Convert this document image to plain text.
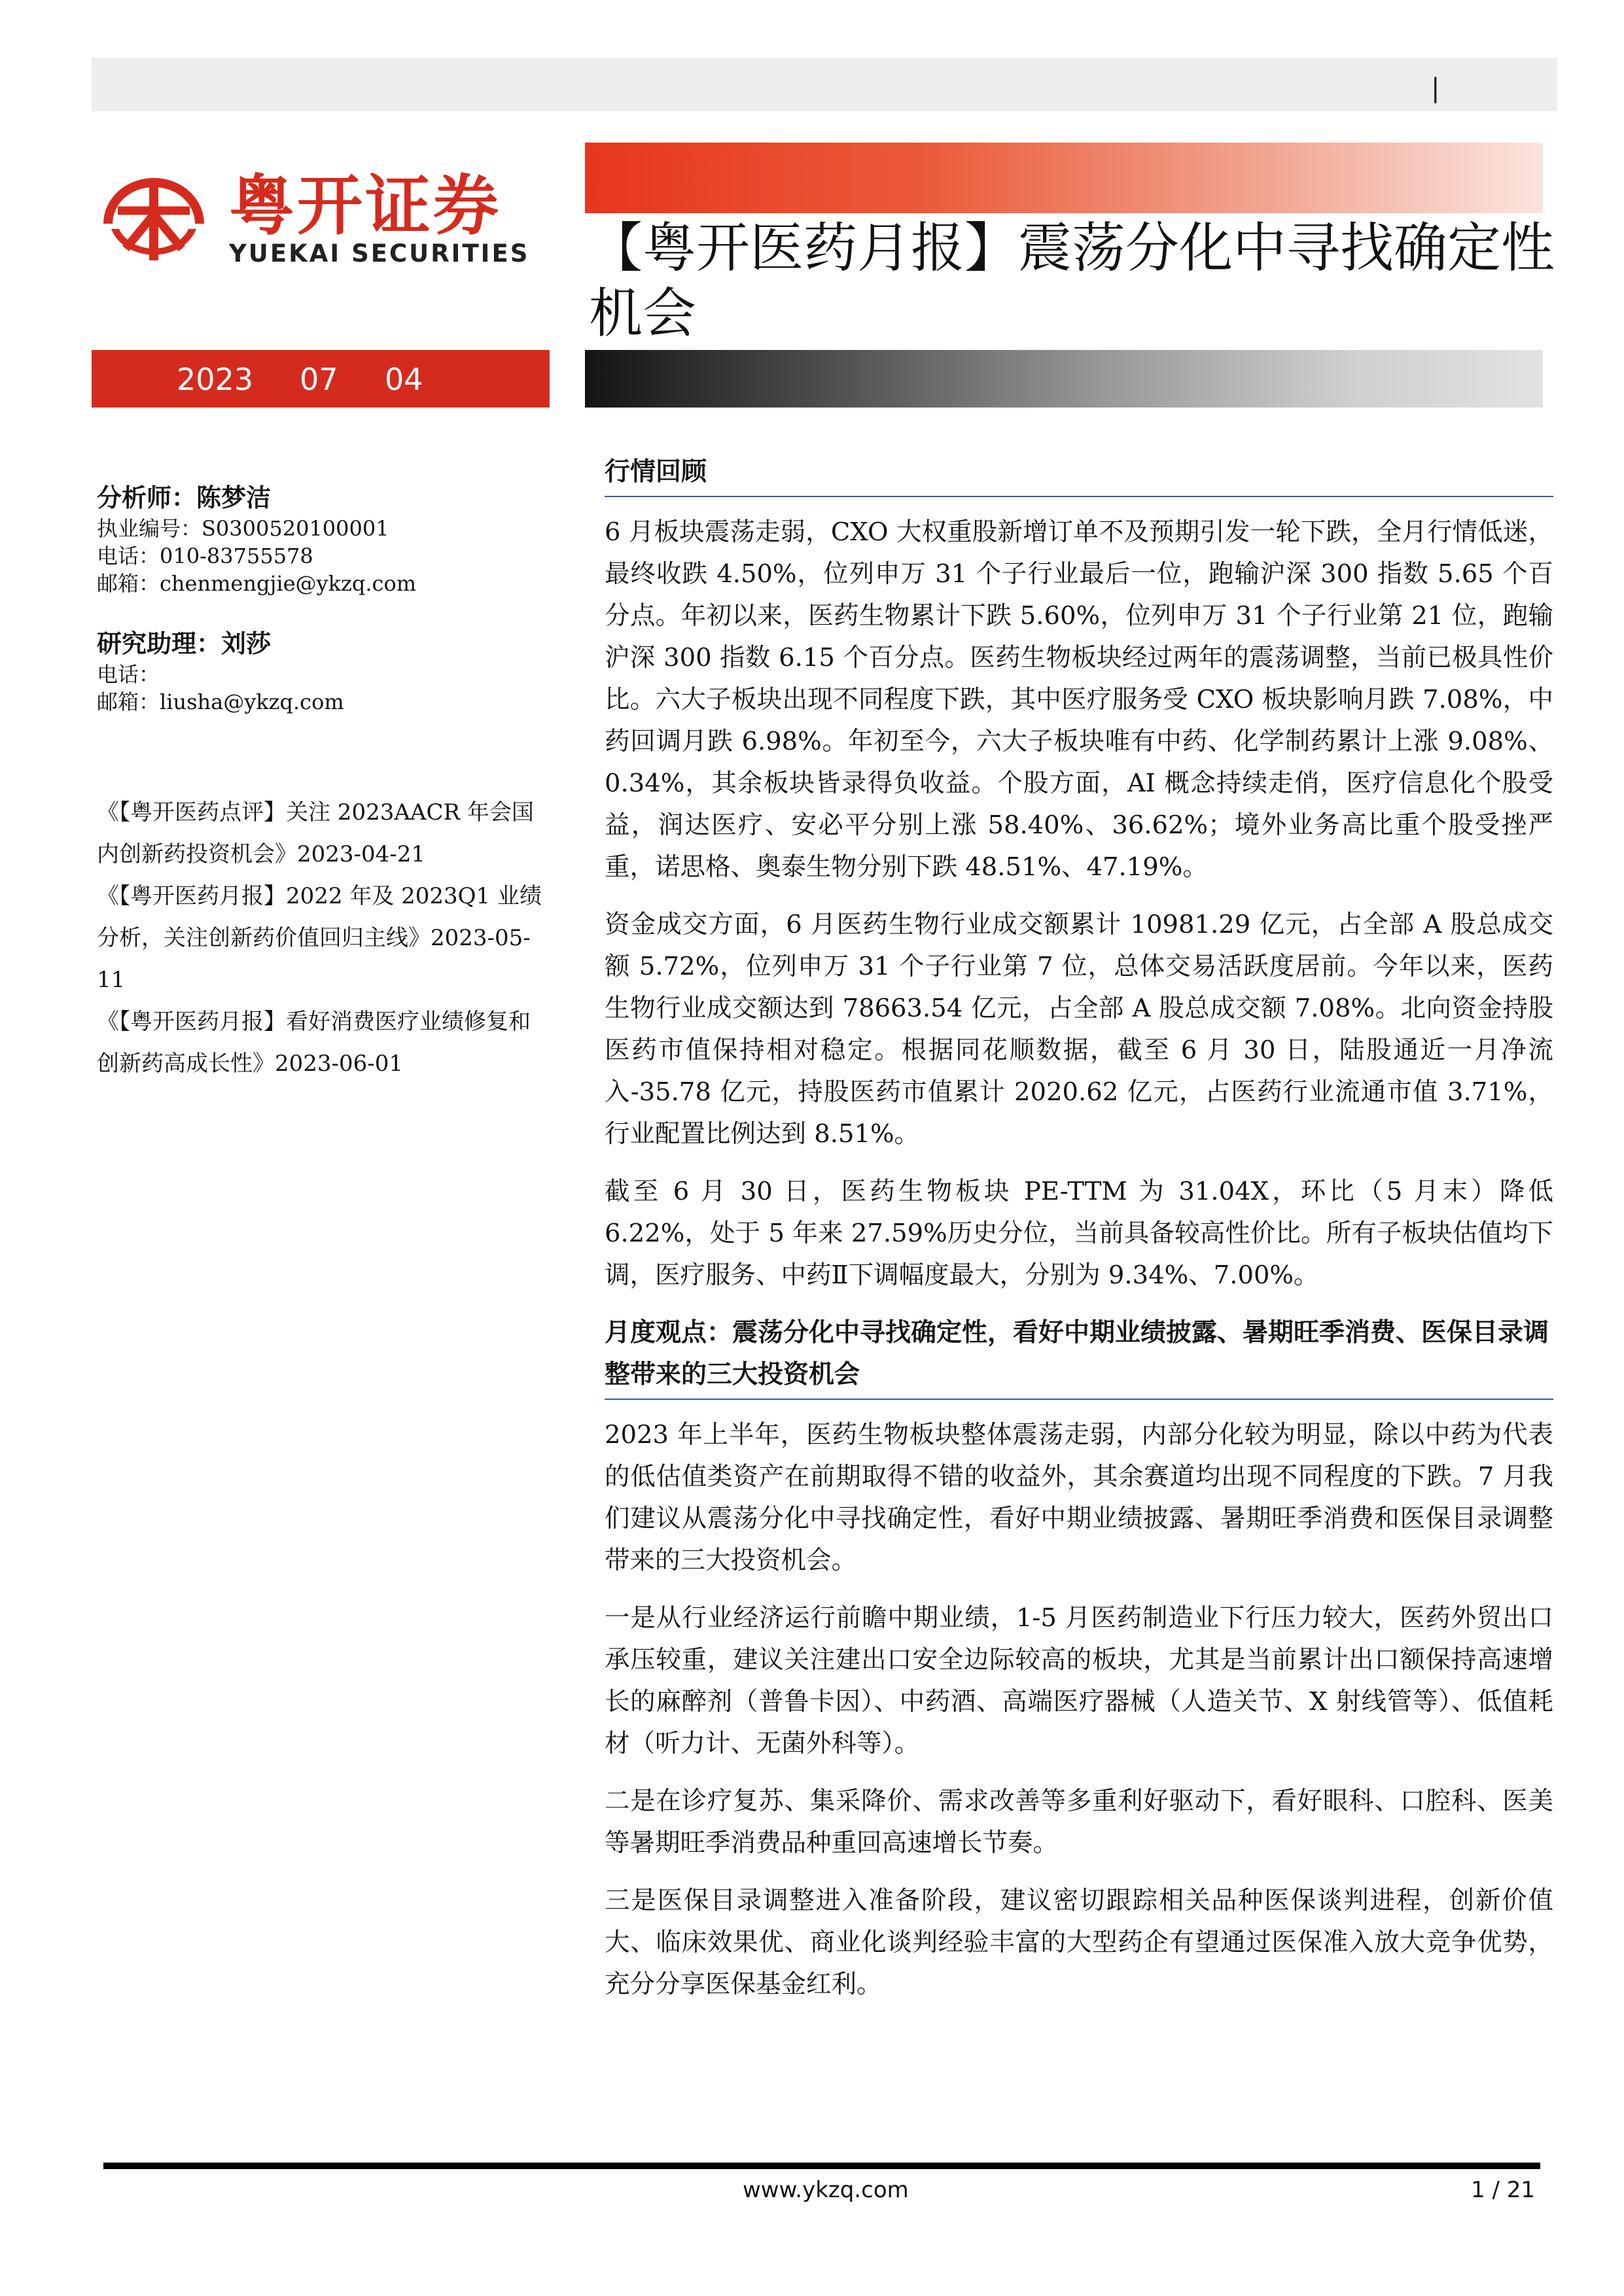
|
粤开证券
YUEKAI SECURITIES 【粤开医药月报】震荡分化中寻找确定性机会
2023 07 04
分析师：陈梦洁
执业编号：S0300520100001
电话：010-83755578
邮箱：chenmengjie@ykzq.com
研究助理：刘莎
电话：
邮箱：liusha@ykzq.com

《【粤开医药点评】关注 2023AACR 年会国内创新药投资机会》2023-04-21

《【粤开医药月报】2022 年及 2023Q1 业绩分析，关注创新药价值回归主线》2023-05-11

《【粤开医药月报】看好消费医疗业绩修复和创新药高成长性》2023-06-01

行情回顾

6 月板块震荡走弱，CXO 大权重股新增订单不及预期引发一轮下跌，全月行情低迷，最终收跌 4.50%，位列申万 31 个子行业最后一位，跑输沪深 300 指数 5.65 个百分点。年初以来，医药生物累计下跌 5.60%，位列申万 31 个子行业第 21 位，跑输沪深 300 指数 6.15 个百分点。医药生物板块经过两年的震荡调整，当前已极具性价比。六大子板块出现不同程度下跌，其中医疗服务受 CXO 板块影响月跌 7.08%，中药回调月跌 6.98%。年初至今，六大子板块唯有中药、化学制药累计上涨 9.08%、0.34%，其余板块皆录得负收益。个股方面，AI 概念持续走俏，医疗信息化个股受益，润达医疗、安必平分别上涨 58.40%、36.62%；境外业务高比重个股受挫严重，诺思格、奥泰生物分别下跌 48.51%、47.19%。

资金成交方面，6 月医药生物行业成交额累计 10981.29 亿元，占全部 A 股总成交额 5.72%，位列申万 31 个子行业第 7 位，总体交易活跃度居前。今年以来，医药生物行业成交额达到 78663.54 亿元，占全部 A 股总成交额 7.08%。北向资金持股医药市值保持相对稳定。根据同花顺数据，截至 6 月 30 日，陆股通近一月净流入-35.78 亿元，持股医药市值累计 2020.62 亿元，占医药行业流通市值 3.71%，行业配置比例达到 8.51%。

截至 6 月 30 日，医药生物板块 PE-TTM 为 31.04X，环比（5 月末）降低 6.22%，处于 5 年来 27.59%历史分位，当前具备较高性价比。所有子板块估值均下调，医疗服务、中药Ⅱ下调幅度最大，分别为 9.34%、7.00%。

月度观点：震荡分化中寻找确定性，看好中期业绩披露、暑期旺季消费、医保目录调整带来的三大投资机会

2023 年上半年，医药生物板块整体震荡走弱，内部分化较为明显，除以中药为代表的低估值类资产在前期取得不错的收益外，其余赛道均出现不同程度的下跌。7 月我们建议从震荡分化中寻找确定性，看好中期业绩披露、暑期旺季消费和医保目录调整带来的三大投资机会。

一是从行业经济运行前瞻中期业绩，1-5 月医药制造业下行压力较大，医药外贸出口承压较重，建议关注建出口安全边际较高的板块，尤其是当前累计出口额保持高速增长的麻醉剂（普鲁卡因）、中药酒、高端医疗器械（人造关节、X 射线管等）、低值耗材（听力计、无菌外科等）。

二是在诊疗复苏、集采降价、需求改善等多重利好驱动下，看好眼科、口腔科、医美等暑期旺季消费品种重回高速增长节奏。

三是医保目录调整进入准备阶段，建议密切跟踪相关品种医保谈判进程，创新价值大、临床效果优、商业化谈判经验丰富的大型药企有望通过医保准入放大竞争优势，充分分享医保基金红利。

www.ykzq.com	1 / 21
